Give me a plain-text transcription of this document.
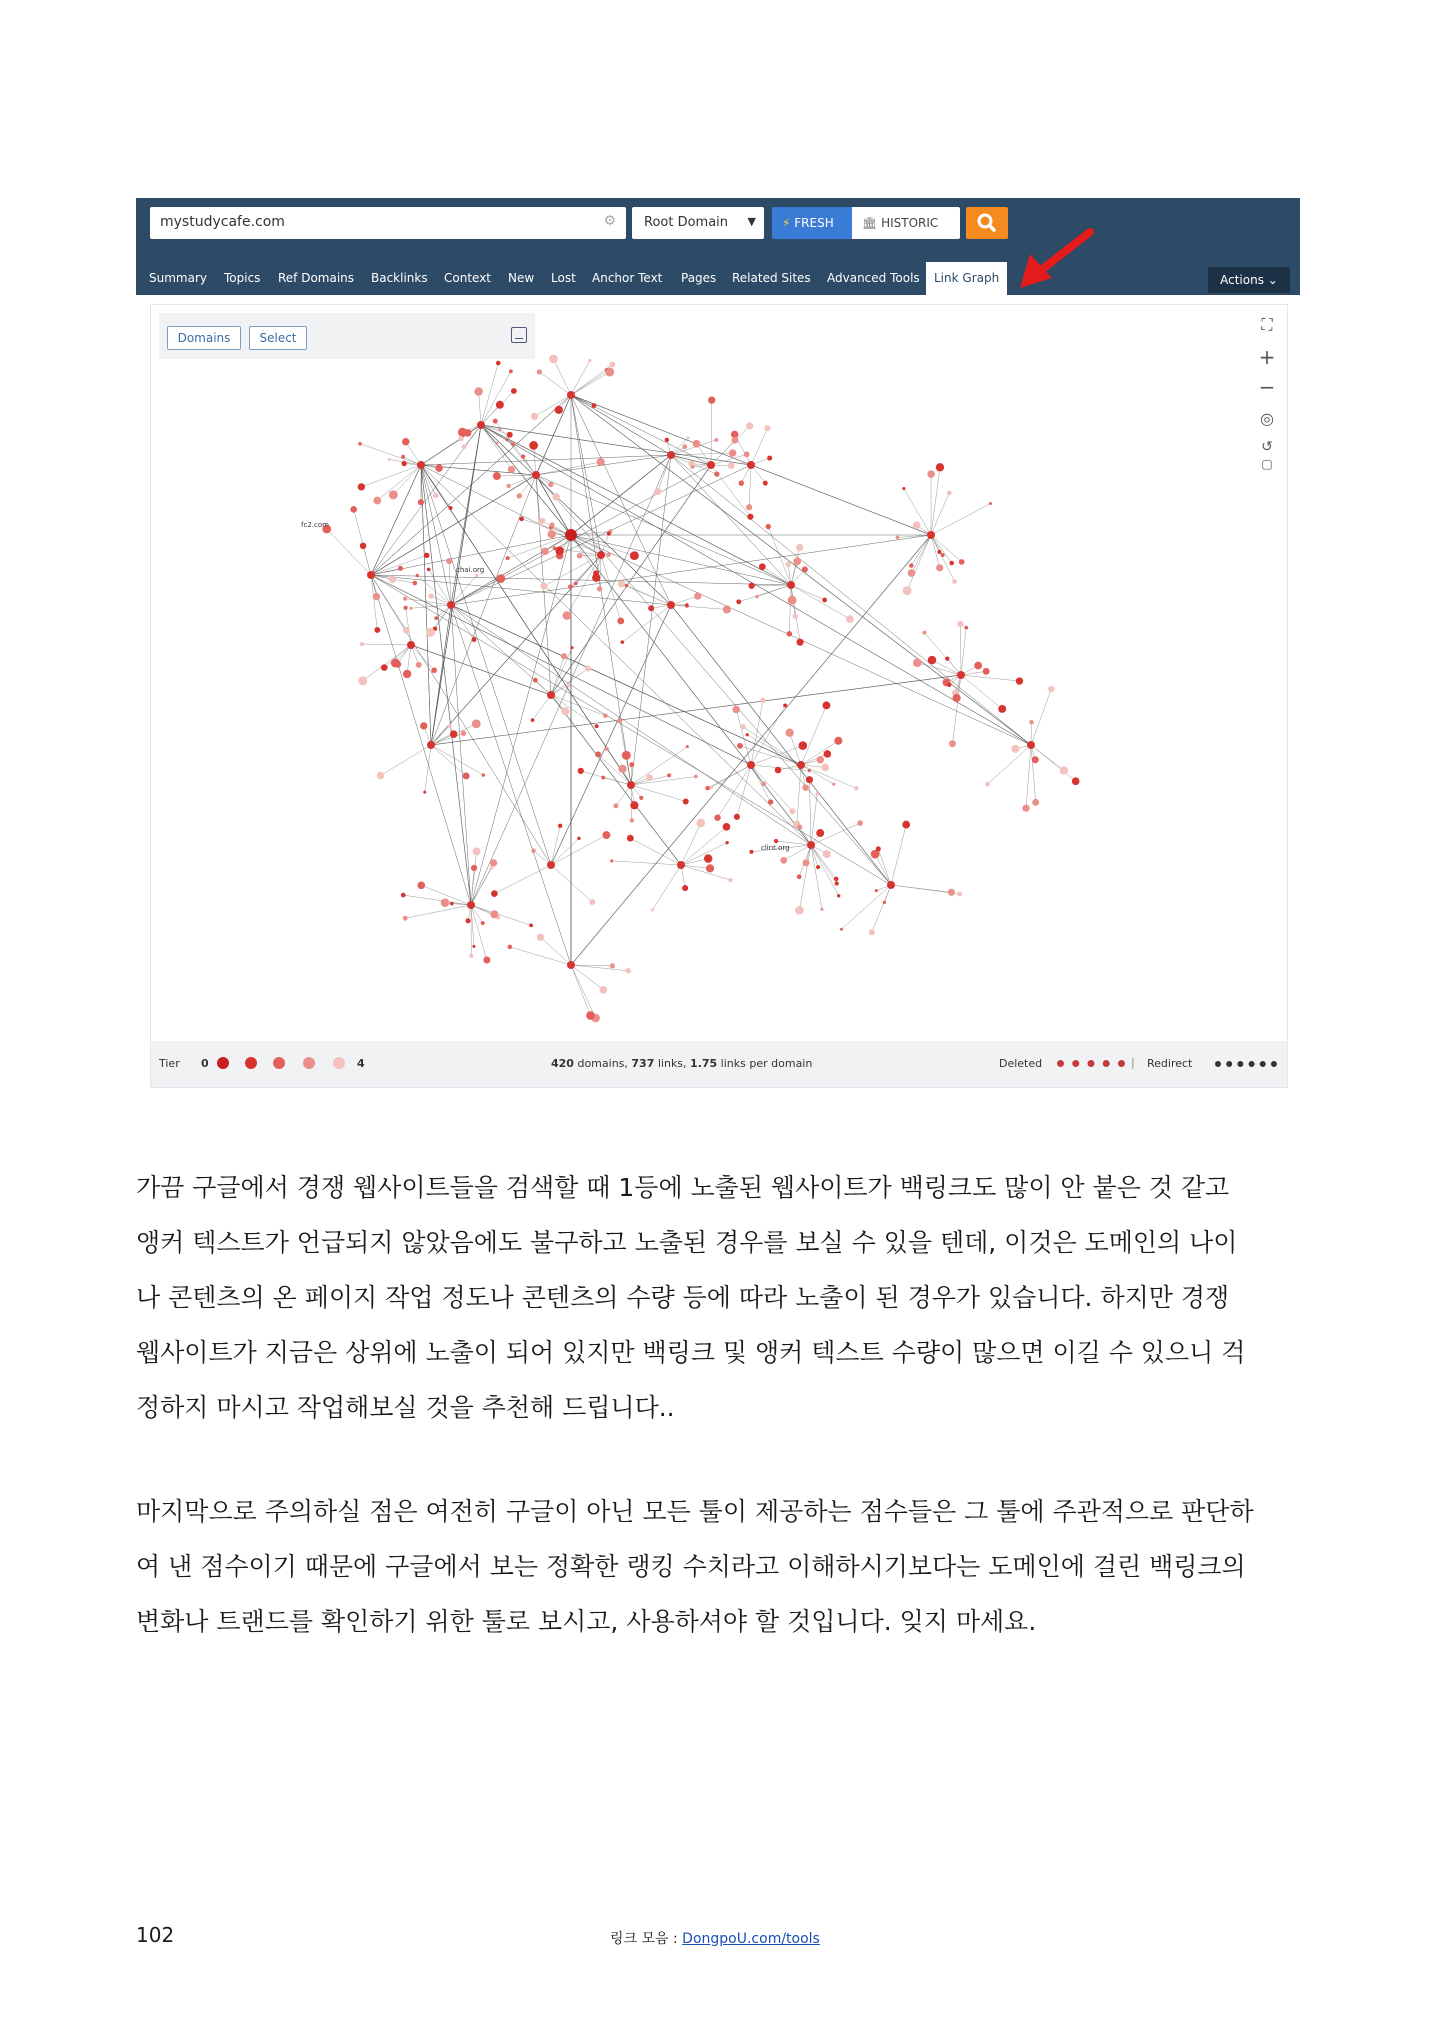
mystudycafe.com	⚙ Root Domain ▼	⚡ FRESH	🏛 HISTORIC
Summary Topics Ref Domains Backlinks Context New Lost Anchor Text Pages Related Sites Advanced Tools	Link Graph	Actions ⌄
fc2.com
chai.org
clint.org
Domains	Select
⛶
+
−
◎
↺
▢
Tier 0	4	420 domains, 737 links, 1.75 links per domain	Deleted	| Redirect
가끔 구글에서 경쟁 웹사이트들을 검색할 때 1등에 노출된 웹사이트가 백링크도 많이 안 붙은 것 같고
앵커 텍스트가 언급되지 않았음에도 불구하고 노출된 경우를 보실 수 있을 텐데, 이것은 도메인의 나이
나 콘텐츠의 온 페이지 작업 정도나 콘텐츠의 수량 등에 따라 노출이 된 경우가 있습니다. 하지만 경쟁
웹사이트가 지금은 상위에 노출이 되어 있지만 백링크 및 앵커 텍스트 수량이 많으면 이길 수 있으니 걱
정하지 마시고 작업해보실 것을 추천해 드립니다..
마지막으로 주의하실 점은 여전히 구글이 아닌 모든 툴이 제공하는 점수들은 그 툴에 주관적으로 판단하
여 낸 점수이기 때문에 구글에서 보는 정확한 랭킹 수치라고 이해하시기보다는 도메인에 걸린 백링크의
변화나 트랜드를 확인하기 위한 툴로 보시고, 사용하셔야 할 것입니다. 잊지 마세요.
102	링크 모음 : DongpoU.com/tools
